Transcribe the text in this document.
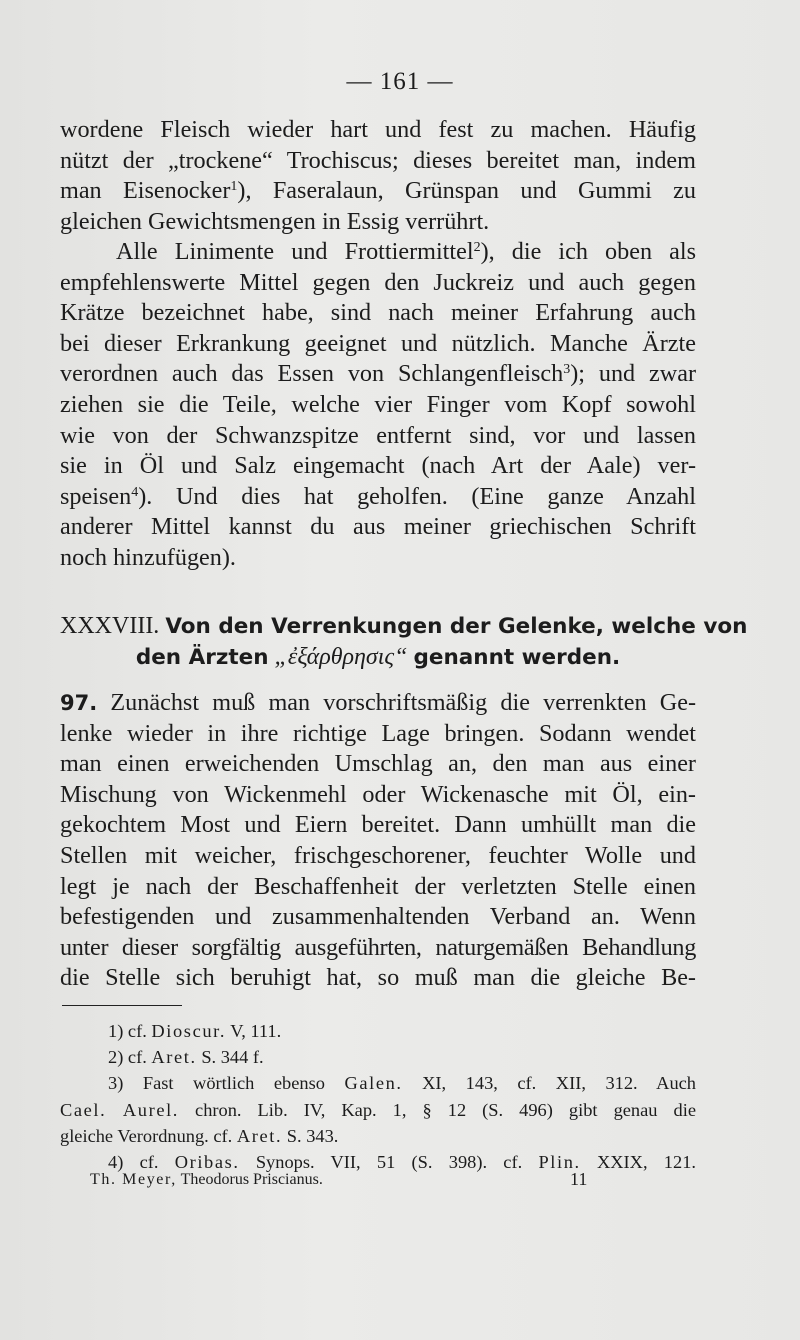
— 161 —
wordene Fleisch wieder hart und fest zu machen. Häufig
nützt der „trockene“ Trochiscus; dieses bereitet man, indem
man Eisenocker$^1$), Faseralaun, Grünspan und Gummi zu
gleichen Gewichtsmengen in Essig verrührt.
Alle Linimente und Frottiermittel$^2$), die ich oben als
empfehlenswerte Mittel gegen den Juckreiz und auch gegen
Krätze bezeichnet habe, sind nach meiner Erfahrung auch
bei dieser Erkrankung geeignet und nützlich. Manche Ärzte
verordnen auch das Essen von Schlangenfleisch$^3$); und zwar
ziehen sie die Teile, welche vier Finger vom Kopf sowohl
wie von der Schwanzspitze entfernt sind, vor und lassen
sie in Öl und Salz eingemacht (nach Art der Aale) ver-
speisen$^4$). Und dies hat geholfen. (Eine ganze Anzahl
anderer Mittel kannst du aus meiner griechischen Schrift
noch hinzufügen).
XXXVIII. Von den Verrenkungen der Gelenke, welche von
den Ärzten „ἐξάρθρησις“ genannt werden.
97. Zunächst muß man vorschriftsmäßig die verrenkten Ge-
lenke wieder in ihre richtige Lage bringen. Sodann wendet
man einen erweichenden Umschlag an, den man aus einer
Mischung von Wickenmehl oder Wickenasche mit Öl, ein-
gekochtem Most und Eiern bereitet. Dann umhüllt man die
Stellen mit weicher, frischgeschorener, feuchter Wolle und
legt je nach der Beschaffenheit der verletzten Stelle einen
befestigenden und zusammenhaltenden Verband an. Wenn
unter dieser sorgfältig ausgeführten, naturgemäßen Behandlung
die Stelle sich beruhigt hat, so muß man die gleiche Be-
1) cf. Dioscur. V, 111.
2) cf. Aret. S. 344 f.
3) Fast wörtlich ebenso Galen. XI, 143, cf. XII, 312. Auch
Cael. Aurel. chron. Lib. IV, Kap. 1, § 12 (S. 496) gibt genau die
gleiche Verordnung. cf. Aret. S. 343.
4) cf. Oribas. Synops. VII, 51 (S. 398). cf. Plin. XXIX, 121.
Th. Meyer, Theodorus Priscianus.	11
